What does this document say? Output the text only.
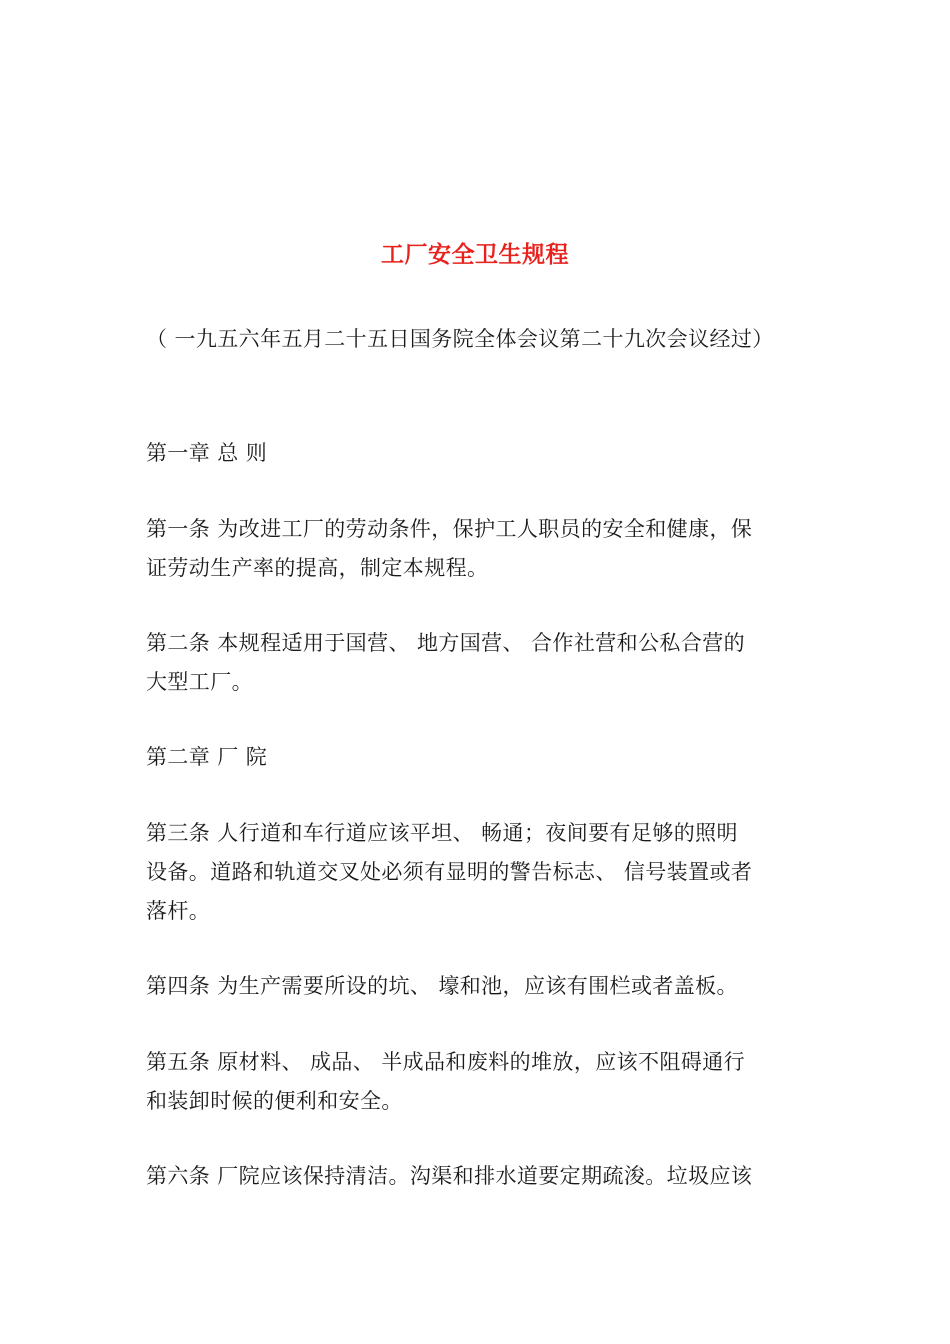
工厂安全卫生规程
（ 一九五六年五月二十五日国务院全体会议第二十九次会议经过）
第一章 总 则
第一条 为改进工厂的劳动条件，保护工人职员的安全和健康，保
证劳动生产率的提高，制定本规程。
第二条 本规程适用于国营、 地方国营、 合作社营和公私合营的
大型工厂。
第二章 厂 院
第三条 人行道和车行道应该平坦、 畅通；夜间要有足够的照明
设备。道路和轨道交叉处必须有显明的警告标志、 信号装置或者
落杆。
第四条 为生产需要所设的坑、 壕和池，应该有围栏或者盖板。
第五条 原材料、 成品、 半成品和废料的堆放，应该不阻碍通行
和装卸时候的便利和安全。
第六条 厂院应该保持清洁。沟渠和排水道要定期疏浚。垃圾应该
